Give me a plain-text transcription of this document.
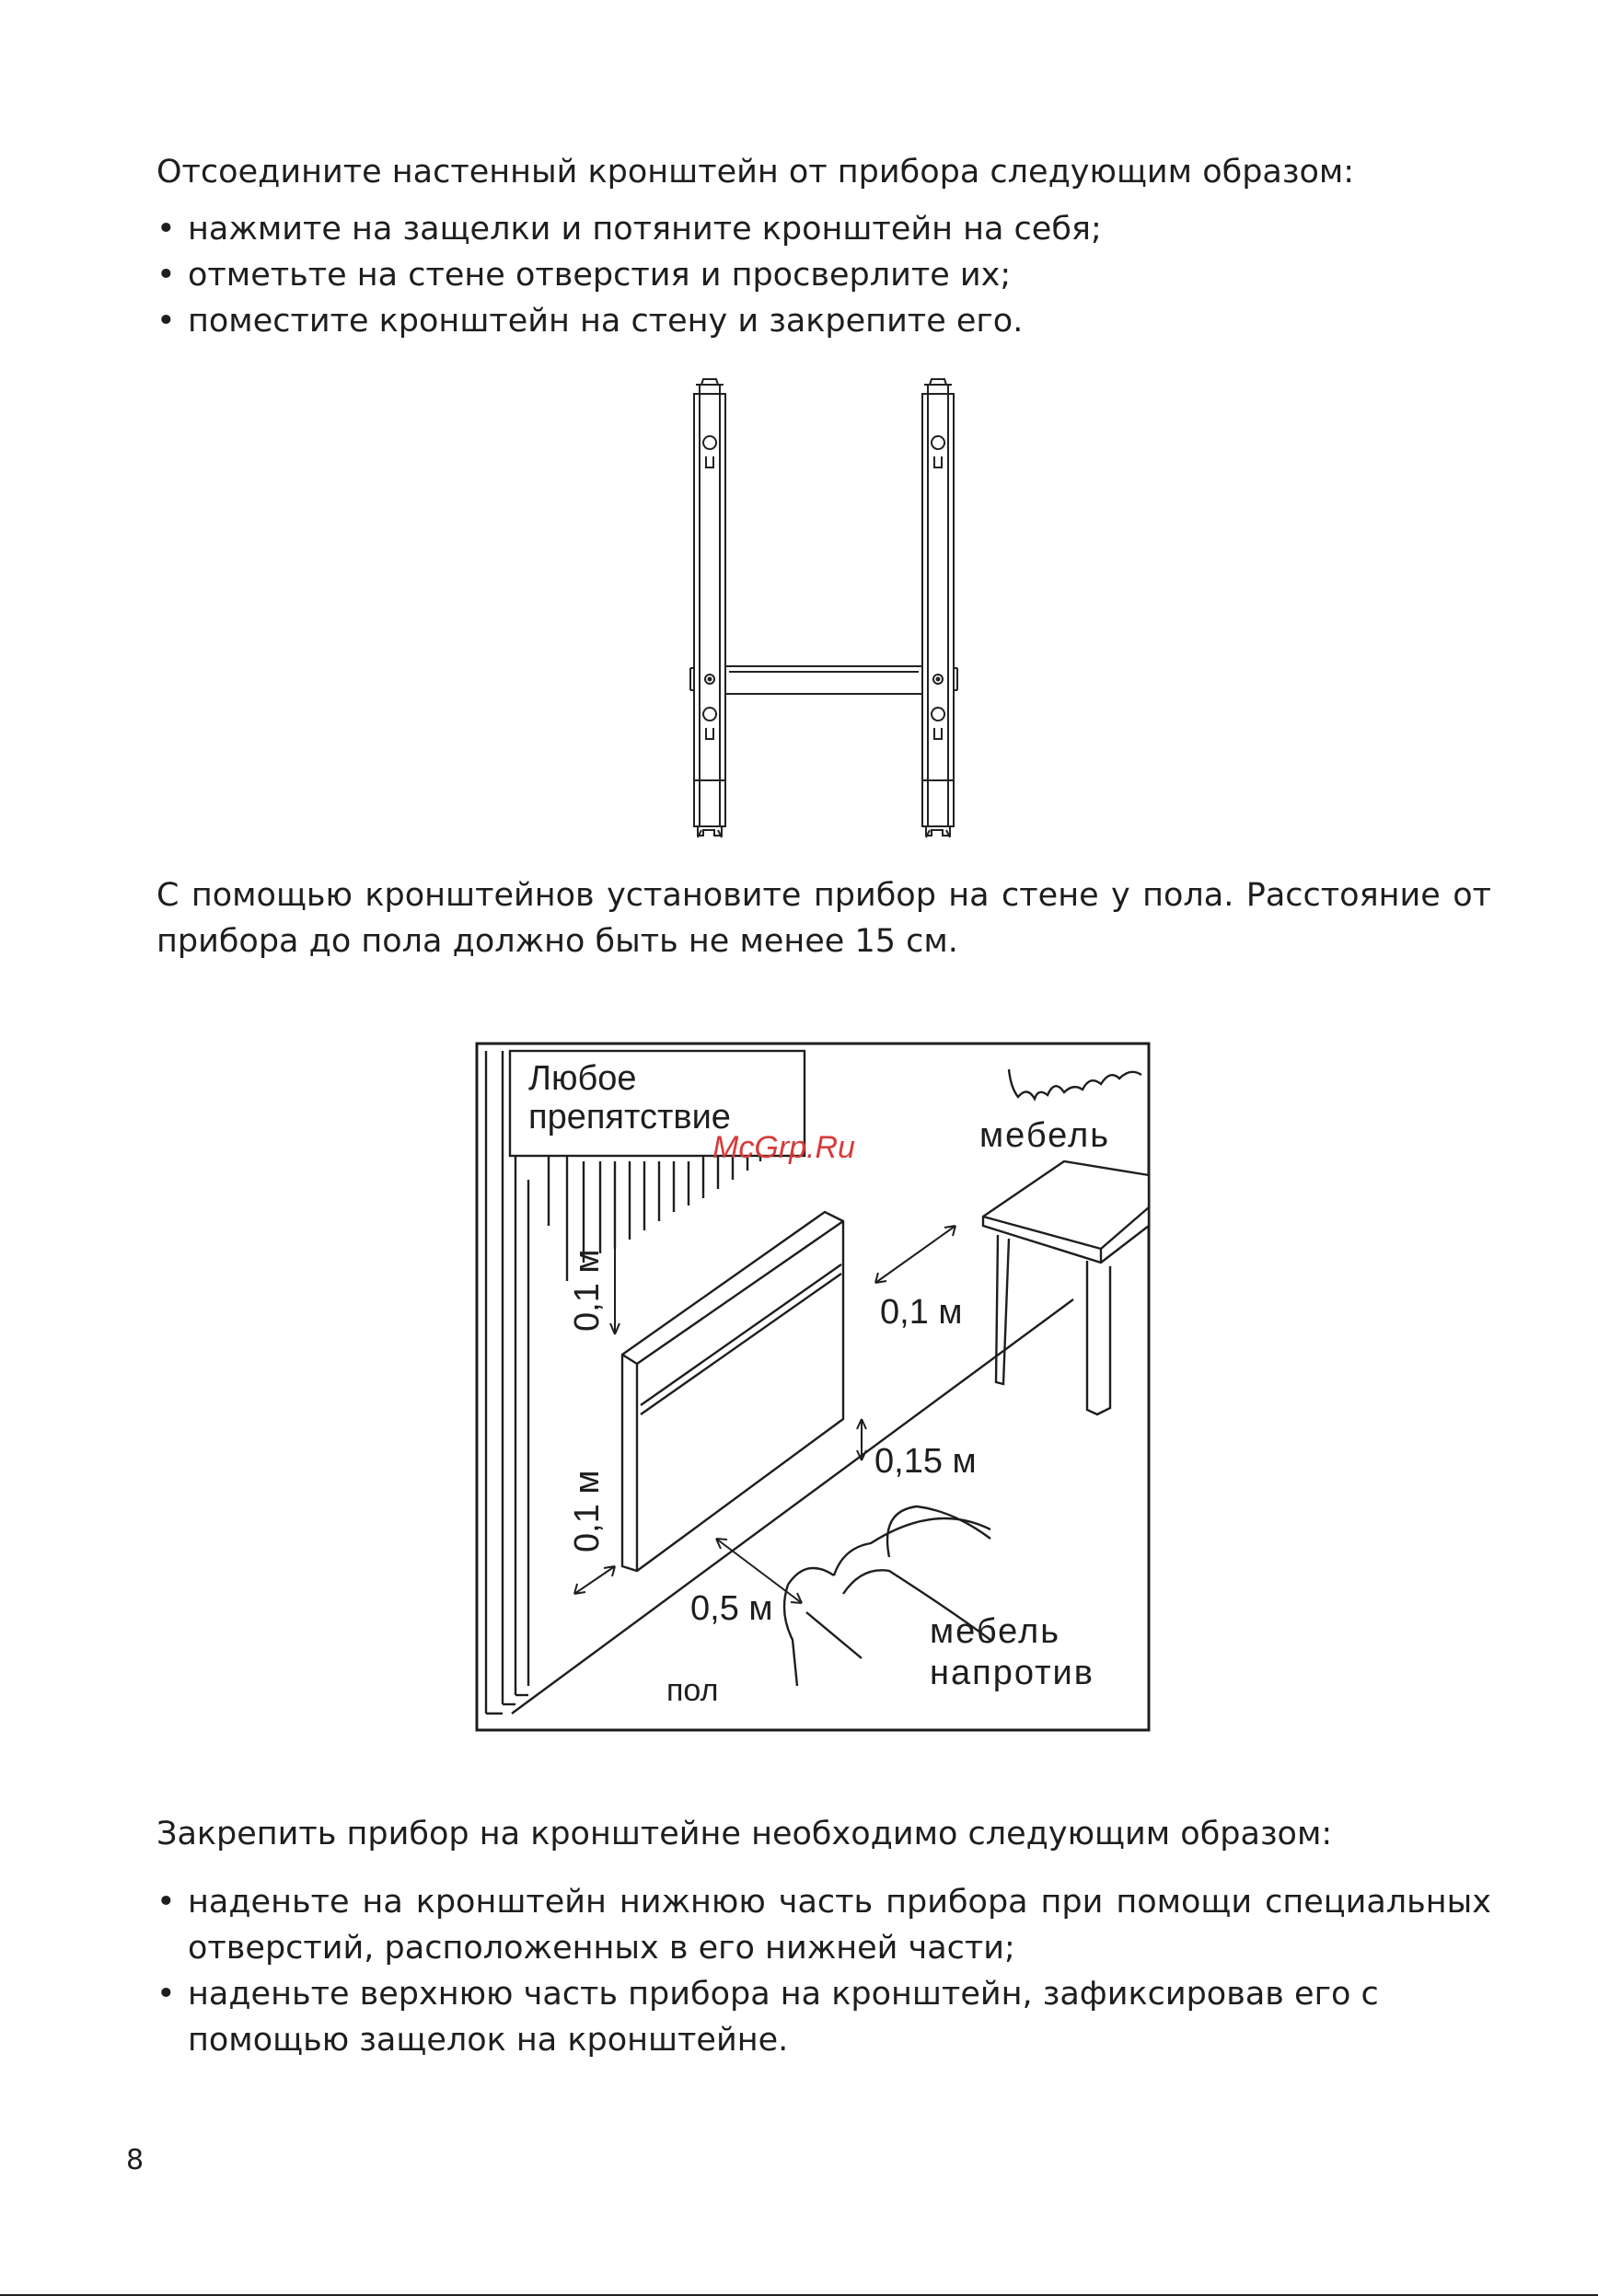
Отсоедините настенный кронштейн от прибора следующим образом:

• нажмите на защелки и потяните кронштейн на себя;
• отметьте на стене отверстия и просверлите их;
• поместите кронштейн на стену и закрепите его.

С помощью кронштейнов установите прибор на стене у пола. Расстояние от прибора до пола должно быть не менее 15 см.

Любое
препятствие	мебель
0,1 м
0,1 м
0,1 м
0,15 м
0,5 м
мебель
напротив
пол
McGrp.Ru

Закрепить прибор на кронштейне необходимо следующим образом:

• наденьте на кронштейн нижнюю часть прибора при помощи специальных отверстий, расположенных в его нижней части;
• наденьте верхнюю часть прибора на кронштейн, зафиксировав его с помощью защелок на кронштейне.
8
